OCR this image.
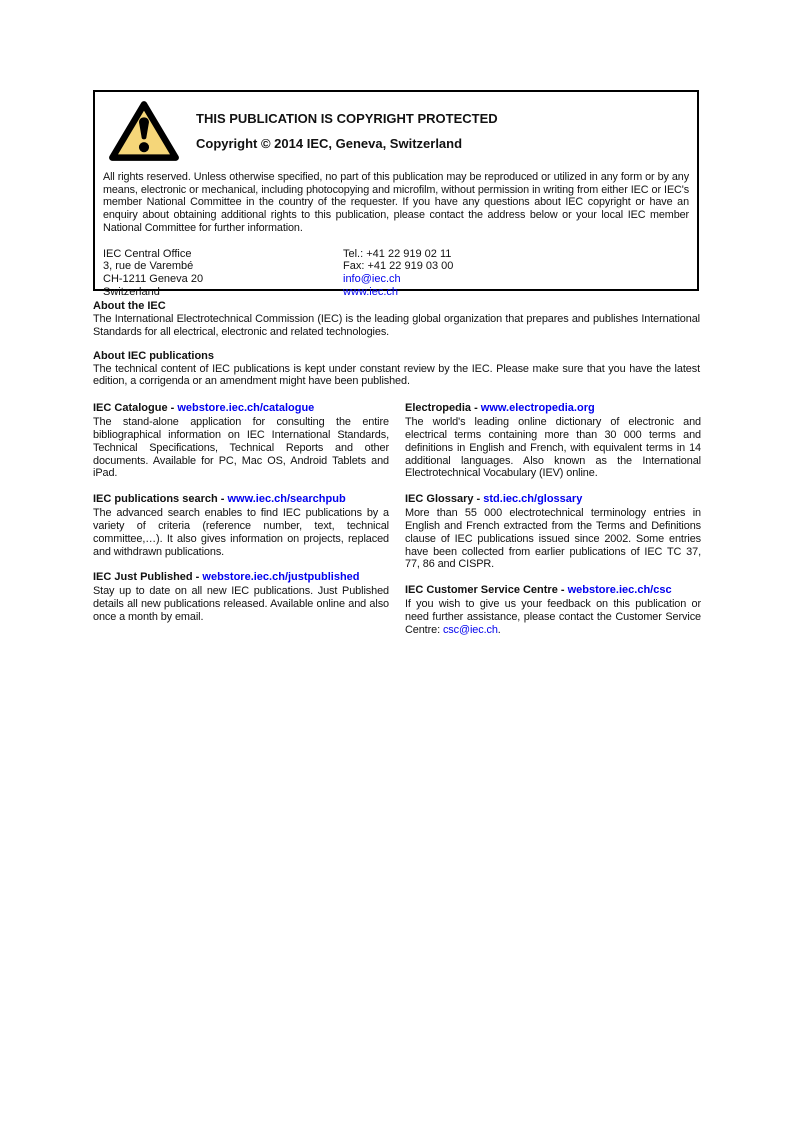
THIS PUBLICATION IS COPYRIGHT PROTECTED
Copyright © 2014 IEC, Geneva, Switzerland

All rights reserved. Unless otherwise specified, no part of this publication may be reproduced or utilized in any form or by any means, electronic or mechanical, including photocopying and microfilm, without permission in writing from either IEC or IEC's member National Committee in the country of the requester. If you have any questions about IEC copyright or have an enquiry about obtaining additional rights to this publication, please contact the address below or your local IEC member National Committee for further information.

IEC Central Office
3, rue de Varembé
CH-1211 Geneva 20
Switzerland
Tel.: +41 22 919 02 11
Fax: +41 22 919 03 00
info@iec.ch
www.iec.ch
About the IEC

The International Electrotechnical Commission (IEC) is the leading global organization that prepares and publishes International Standards for all electrical, electronic and related technologies.

About IEC publications

The technical content of IEC publications is kept under constant review by the IEC. Please make sure that you have the latest edition, a corrigenda or an amendment might have been published.

IEC Catalogue - webstore.iec.ch/catalogue

The stand-alone application for consulting the entire bibliographical information on IEC International Standards, Technical Specifications, Technical Reports and other documents. Available for PC, Mac OS, Android Tablets and iPad.

IEC publications search - www.iec.ch/searchpub

The advanced search enables to find IEC publications by a variety of criteria (reference number, text, technical committee,…). It also gives information on projects, replaced and withdrawn publications.

IEC Just Published - webstore.iec.ch/justpublished

Stay up to date on all new IEC publications. Just Published details all new publications released. Available online and also once a month by email.

Electropedia - www.electropedia.org

The world's leading online dictionary of electronic and electrical terms containing more than 30 000 terms and definitions in English and French, with equivalent terms in 14 additional languages. Also known as the International Electrotechnical Vocabulary (IEV) online.

IEC Glossary - std.iec.ch/glossary

More than 55 000 electrotechnical terminology entries in English and French extracted from the Terms and Definitions clause of IEC publications issued since 2002. Some entries have been collected from earlier publications of IEC TC 37, 77, 86 and CISPR.

IEC Customer Service Centre - webstore.iec.ch/csc

If you wish to give us your feedback on this publication or need further assistance, please contact the Customer Service Centre: csc@iec.ch.
